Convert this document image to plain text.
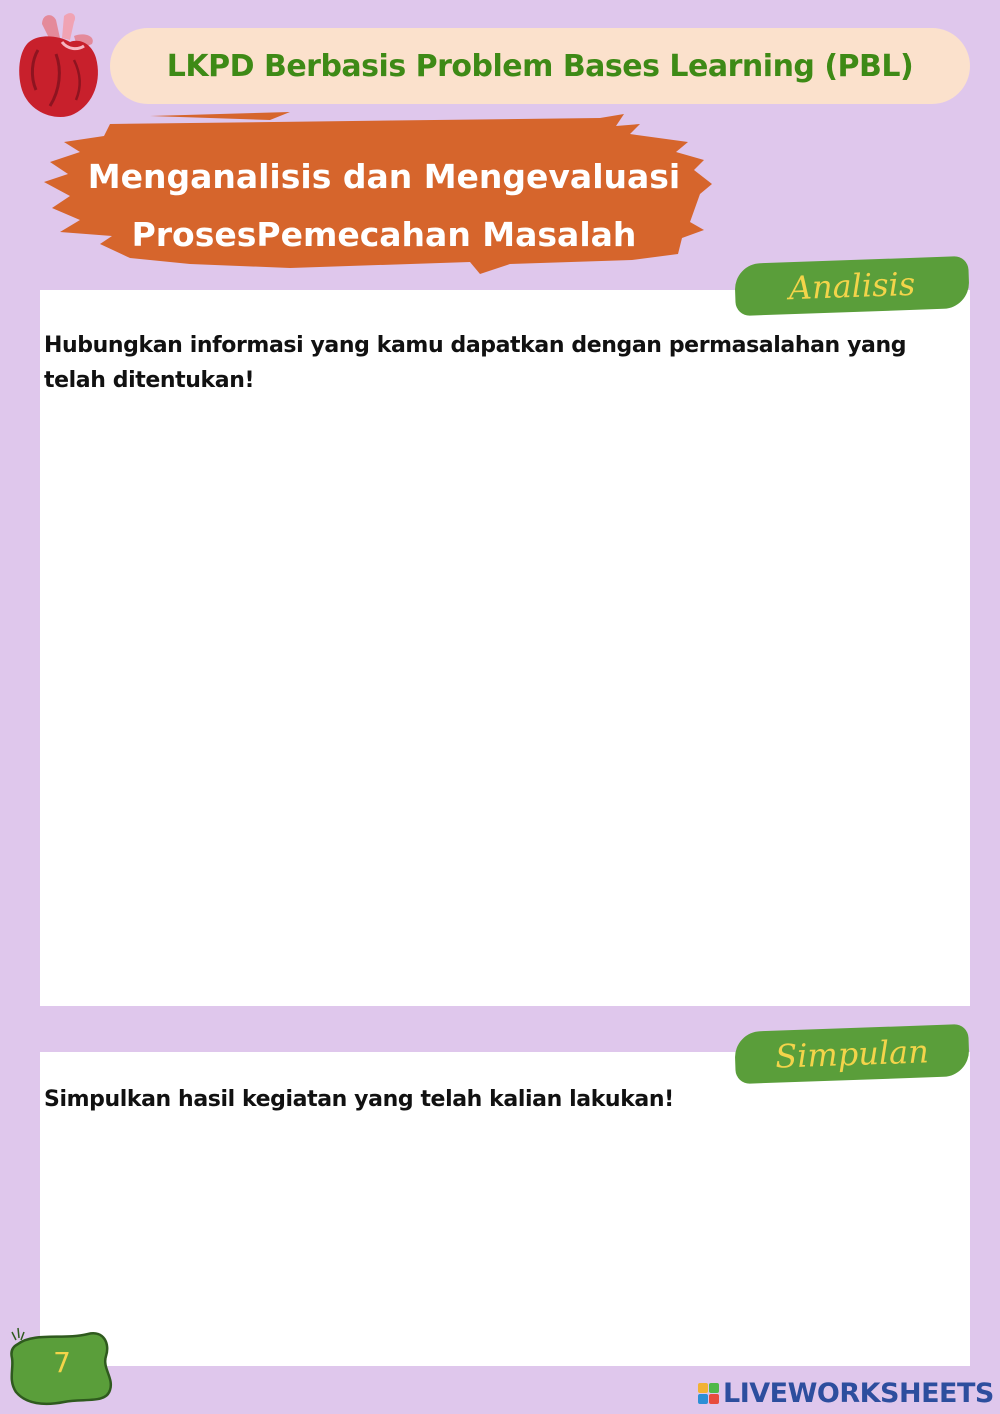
LKPD Berbasis Problem Bases Learning (PBL)
Menganalisis dan Mengevaluasi
ProsesPemecahan Masalah
Analisis
Hubungkan informasi yang kamu dapatkan dengan permasalahan yang telah ditentukan!
Simpulan
Simpulkan hasil kegiatan yang telah kalian lakukan!
7
LIVEWORKSHEETS
